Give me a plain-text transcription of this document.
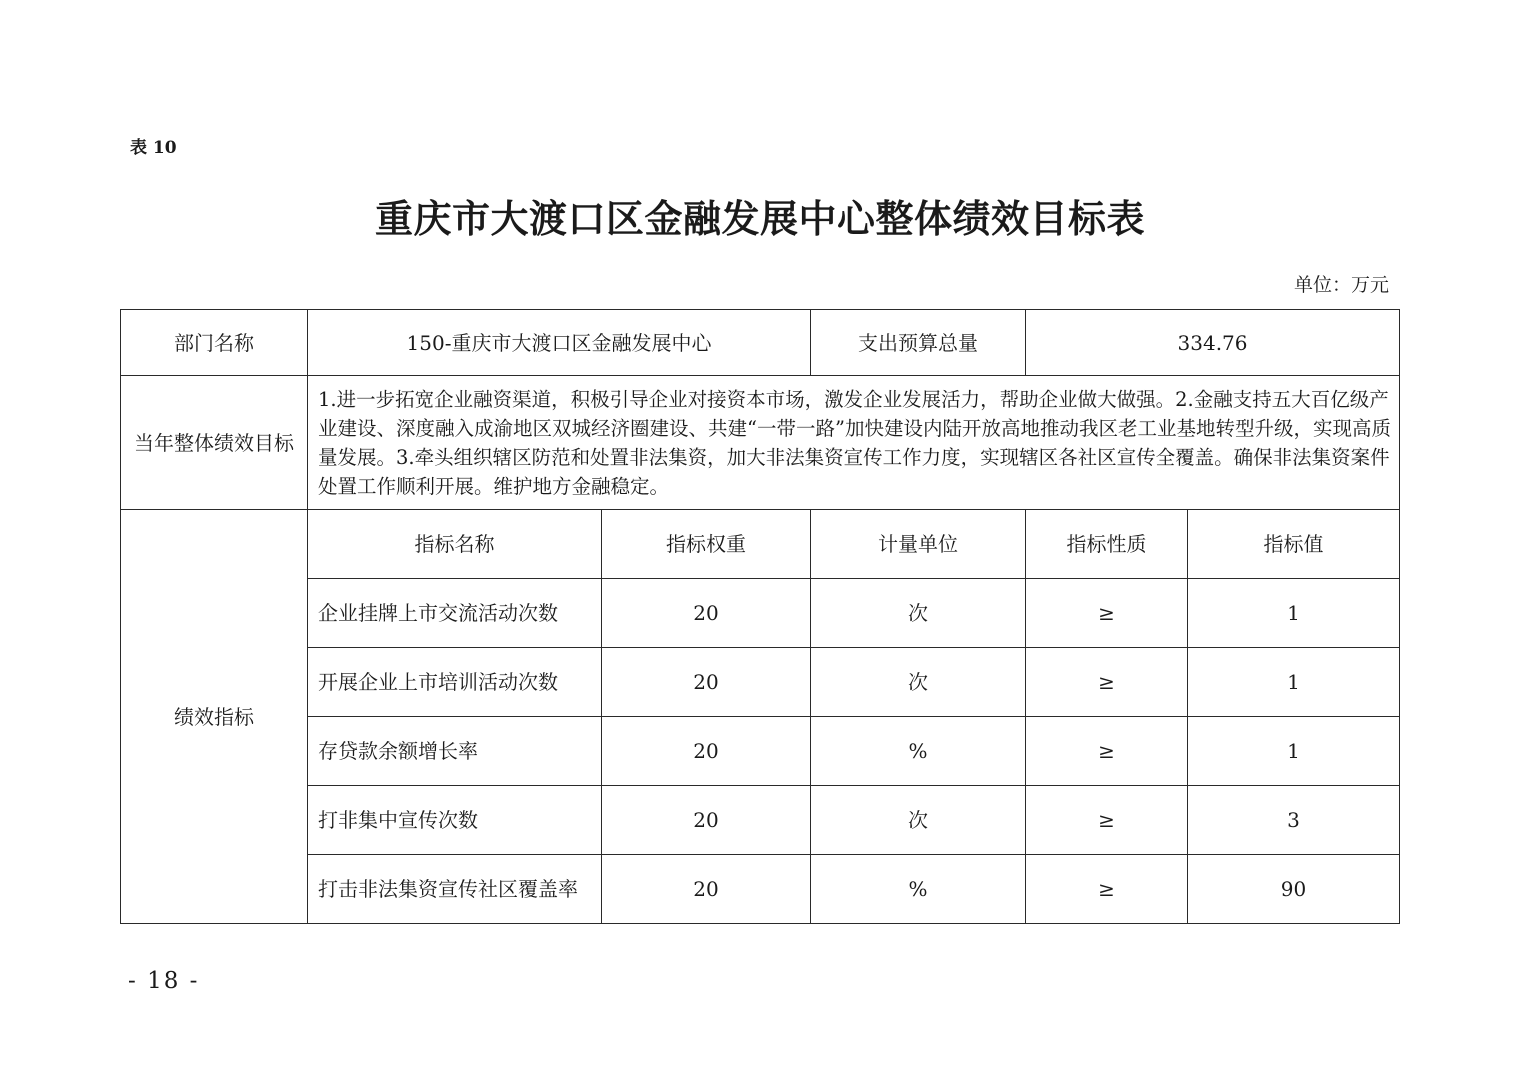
表 10
重庆市大渡口区金融发展中心整体绩效目标表
单位：万元
部门名称	150-重庆市大渡口区金融发展中心		支出预算总量	334.76	
当年整体绩效目标	1.进一步拓宽企业融资渠道，积极引导企业对接资本市场，激发企业发展活力，帮助企业做大做强。2.金融支持五大百亿级产业建设、深度融入成渝地区双城经济圈建设、共建“一带一路”加快建设内陆开放高地推动我区老工业基地转型升级，实现高质量发展。3.牵头组织辖区防范和处置非法集资，加大非法集资宣传工作力度，实现辖区各社区宣传全覆盖。确保非法集资案件处置工作顺利开展。维护地方金融稳定。				
绩效指标	指标名称	指标权重	计量单位	指标性质	指标值
	企业挂牌上市交流活动次数	20	次	≥	1
	开展企业上市培训活动次数	20	次	≥	1
	存贷款余额增长率	20	%	≥	1
	打非集中宣传次数	20	次	≥	3
	打击非法集资宣传社区覆盖率	20	%	≥	90
- 18 -
